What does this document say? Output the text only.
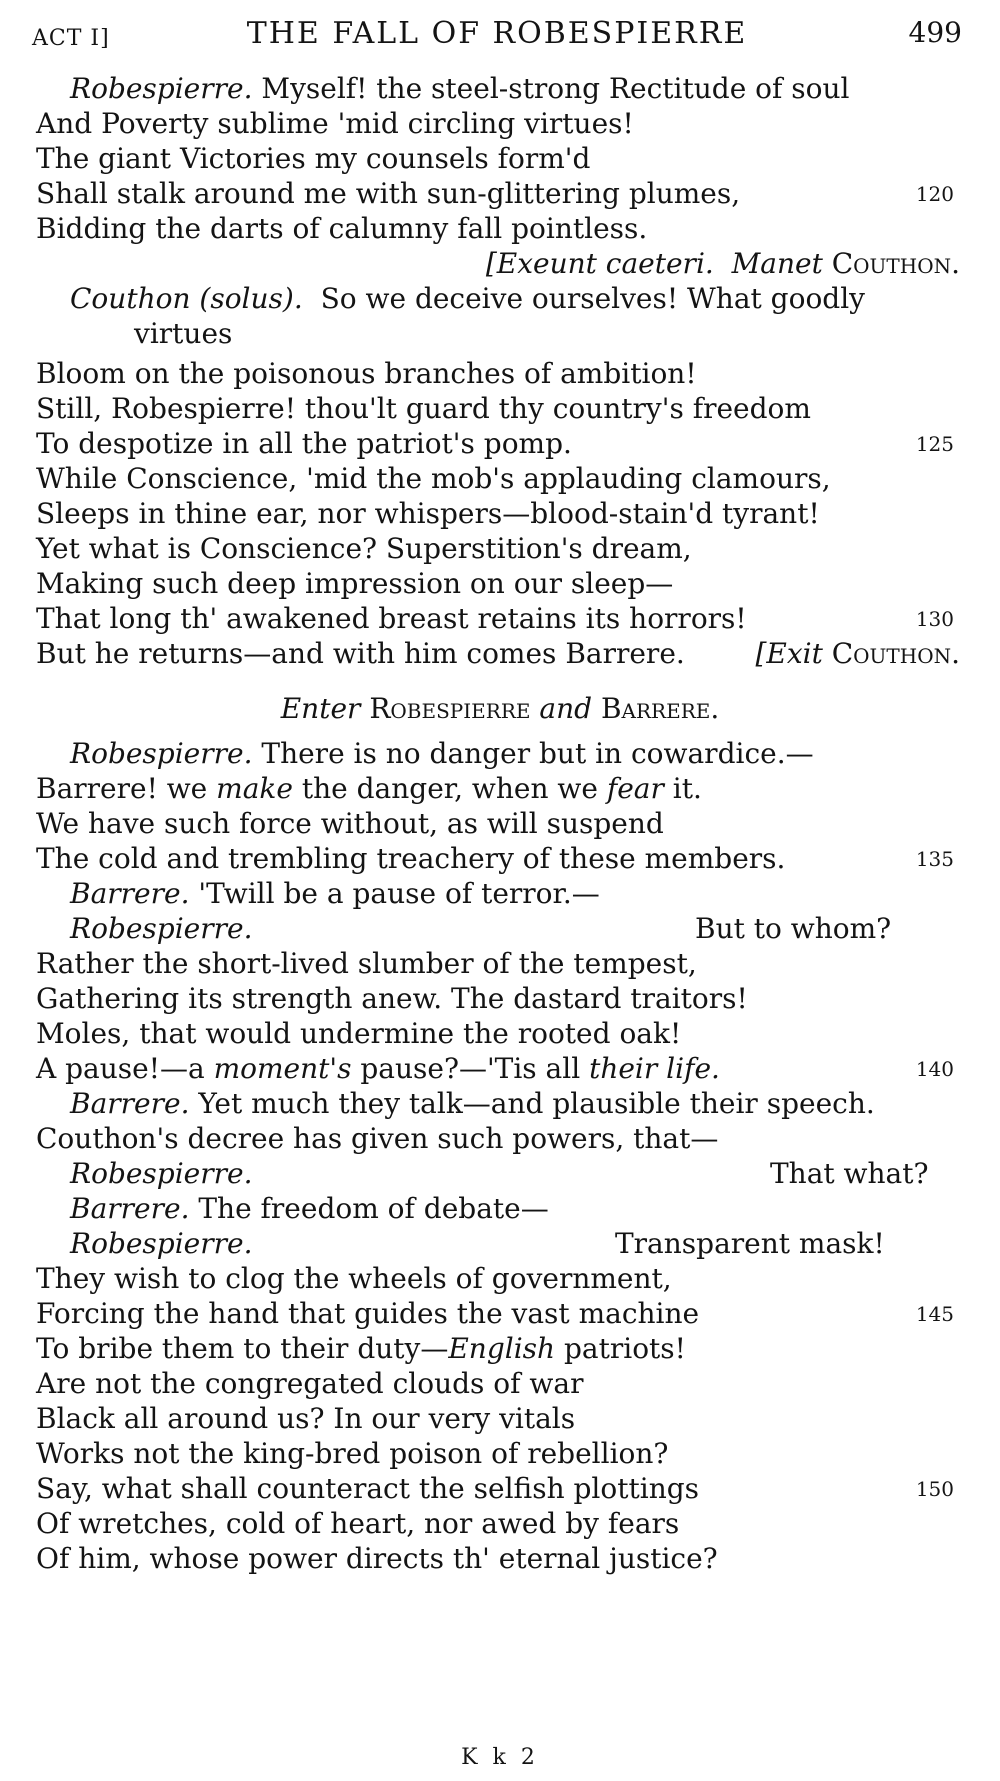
ACT I]	THE FALL OF ROBESPIERRE	499
Robespierre. Myself! the steel-strong Rectitude of soul
And Poverty sublime 'mid circling virtues!
The giant Victories my counsels form'd
Shall stalk around me with sun-glittering plumes,	120
Bidding the darts of calumny fall pointless.
[Exeunt caeteri. Manet Couthon.
Couthon (solus). So we deceive ourselves! What goodly
virtues
Bloom on the poisonous branches of ambition!
Still, Robespierre! thou'lt guard thy country's freedom
To despotize in all the patriot's pomp.	125
While Conscience, 'mid the mob's applauding clamours,
Sleeps in thine ear, nor whispers—blood-stain'd tyrant!
Yet what is Conscience? Superstition's dream,
Making such deep impression on our sleep—
That long th' awakened breast retains its horrors!	130
But he returns—and with him comes Barrere.	[Exit Couthon.
Enter Robespierre and Barrere.
Robespierre. There is no danger but in cowardice.—
Barrere! we make the danger, when we fear it.
We have such force without, as will suspend
The cold and trembling treachery of these members.	135
Barrere. 'Twill be a pause of terror.—
Robespierre.	But to whom?
Rather the short-lived slumber of the tempest,
Gathering its strength anew. The dastard traitors!
Moles, that would undermine the rooted oak!
A pause!—a moment's pause?—'Tis all their life.	140
Barrere. Yet much they talk—and plausible their speech.
Couthon's decree has given such powers, that—
Robespierre.	That what?
Barrere. The freedom of debate—
Robespierre.	Transparent mask!
They wish to clog the wheels of government,
Forcing the hand that guides the vast machine	145
To bribe them to their duty—English patriots!
Are not the congregated clouds of war
Black all around us? In our very vitals
Works not the king-bred poison of rebellion?
Say, what shall counteract the selfish plottings	150
Of wretches, cold of heart, nor awed by fears
Of him, whose power directs th' eternal justice?
K k 2
